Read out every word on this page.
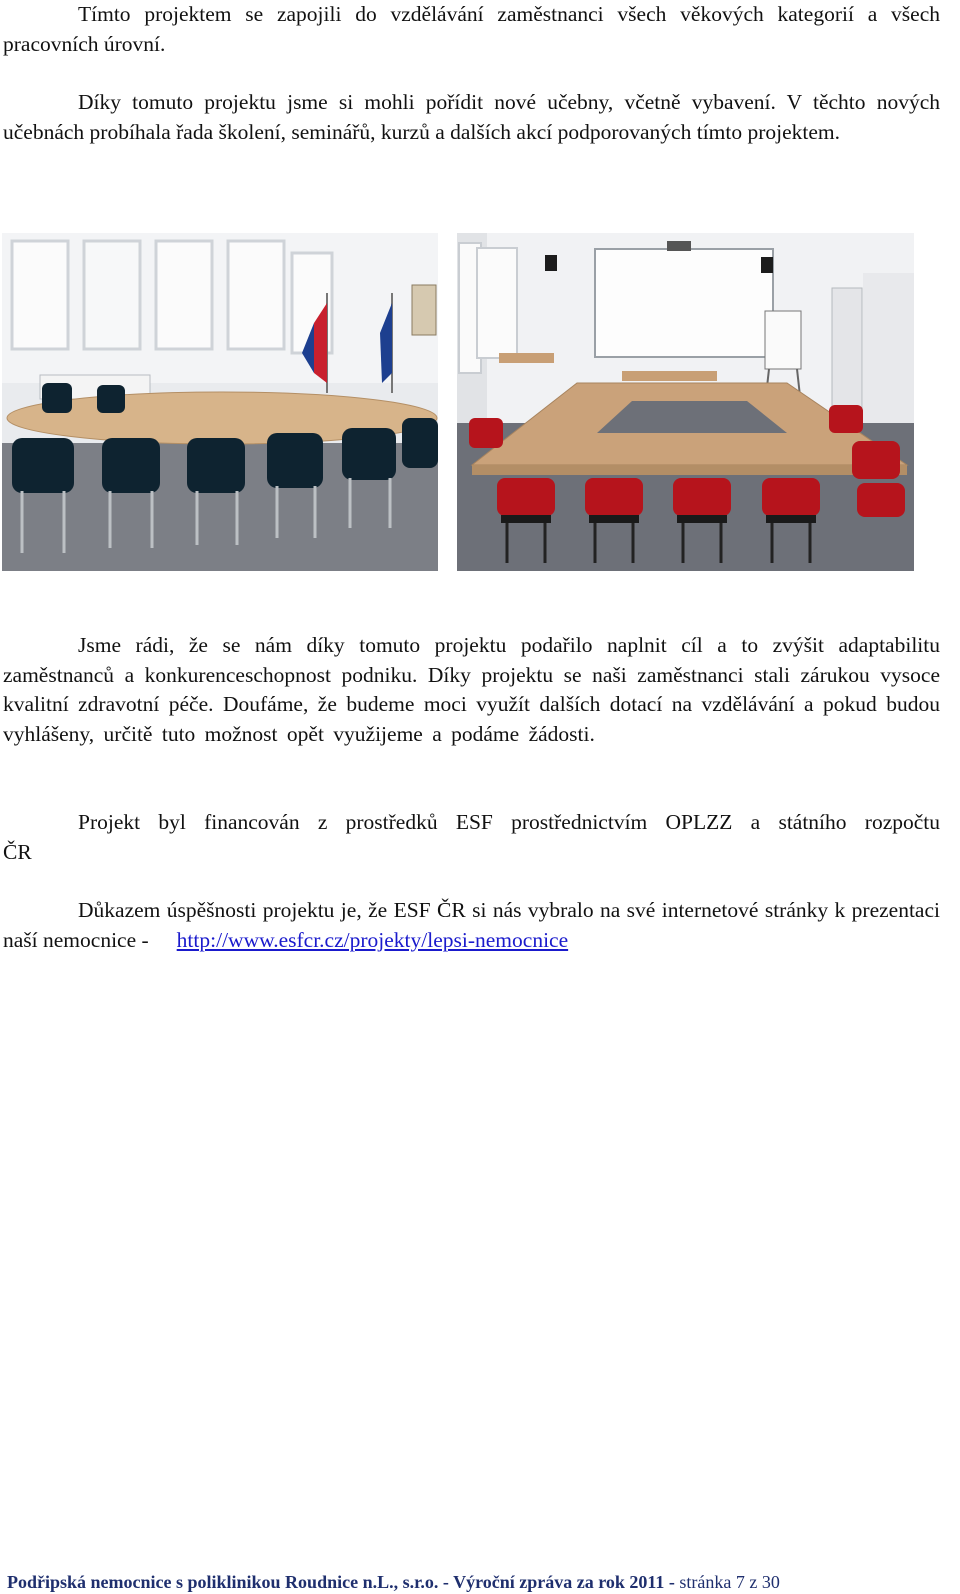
Tímto projektem se zapojili do vzdělávání zaměstnanci všech věkových kategorií a všech pracovních úrovní.

Díky tomuto projektu jsme si mohli pořídit nové učebny, včetně vybavení. V těchto nových učebnách probíhala řada školení, seminářů, kurzů a dalších akcí podporovaných tímto projektem.

Jsme rádi, že se nám díky tomuto projektu podařilo naplnit cíl a to zvýšit adaptabilitu zaměstnanců a konkurenceschopnost podniku. Díky projektu se naši zaměstnanci stali zárukou vysoce kvalitní zdravotní péče. Doufáme, že budeme moci využít dalších dotací na vzdělávání a pokud budou vyhlášeny, určitě tuto možnost opět využijeme a podáme žádosti.

Projekt byl financován z prostředků ESF prostřednictvím OPLZZ a státního rozpočtu ČR

Důkazem úspěšnosti projektu je, že ESF ČR si nás vybralo na své internetové stránky k prezentaci naší nemocnice - http://www.esfcr.cz/projekty/lepsi-nemocnice

Podřipská nemocnice s poliklinikou Roudnice n.L., s.r.o. - Výroční zpráva za rok 2011 - stránka 7 z 30
